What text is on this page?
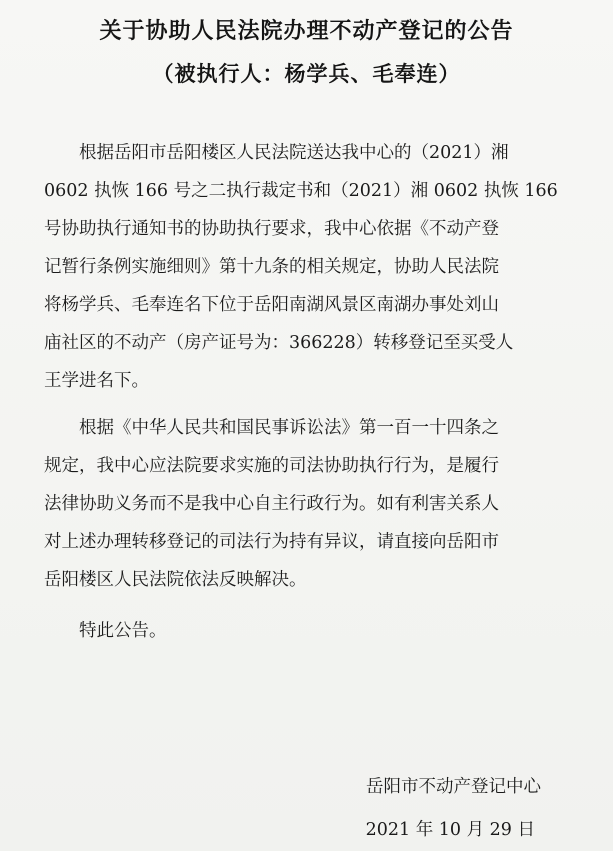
关于协助人民法院办理不动产登记的公告
（被执行人：杨学兵、毛奉连）

根据岳阳市岳阳楼区人民法院送达我中心的（2021）湘
0602 执恢 166 号之二执行裁定书和（2021）湘 0602 执恢 166
号协助执行通知书的协助执行要求，我中心依据《不动产登
记暂行条例实施细则》第十九条的相关规定，协助人民法院
将杨学兵、毛奉连名下位于岳阳南湖风景区南湖办事处刘山
庙社区的不动产（房产证号为：366228）转移登记至买受人
王学进名下。

根据《中华人民共和国民事诉讼法》第一百一十四条之
规定，我中心应法院要求实施的司法协助执行行为，是履行
法律协助义务而不是我中心自主行政行为。如有利害关系人
对上述办理转移登记的司法行为持有异议，请直接向岳阳市
岳阳楼区人民法院依法反映解决。

特此公告。

岳阳市不动产登记中心

2021 年 10 月 29 日
